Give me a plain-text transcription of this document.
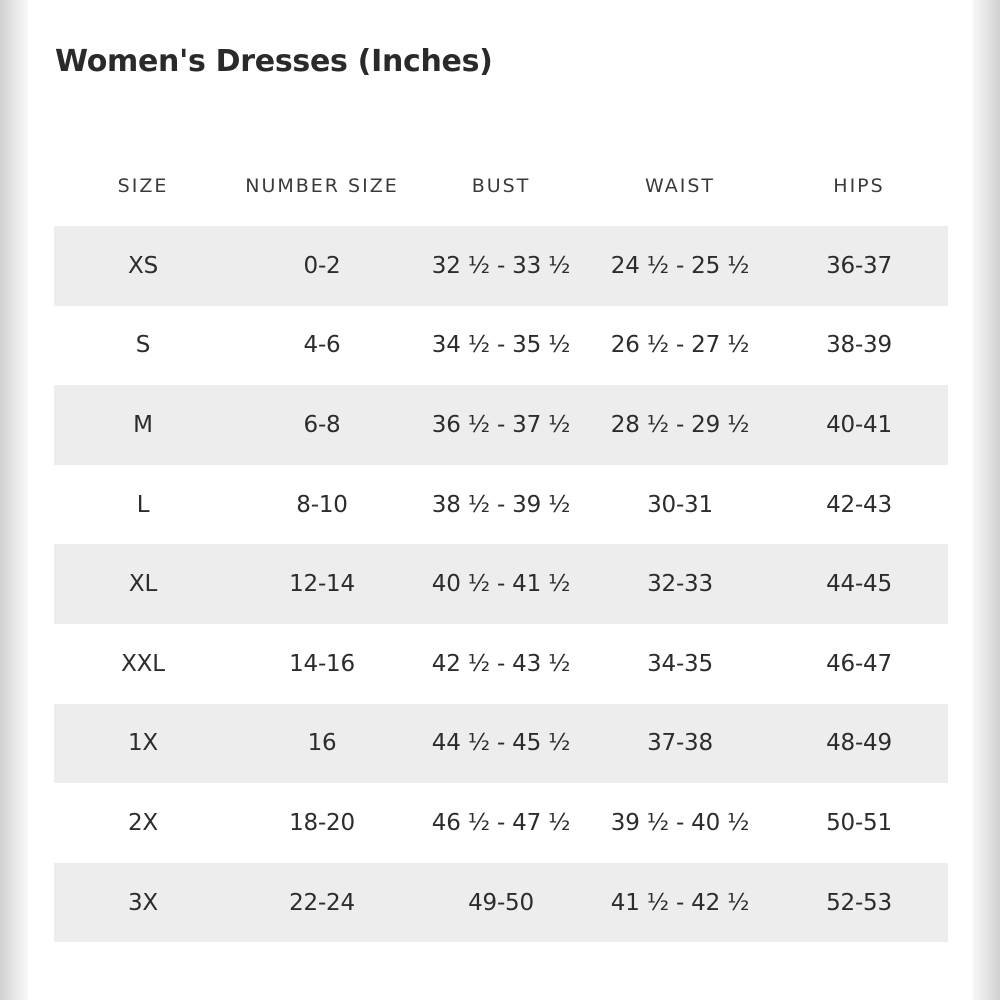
Women's Dresses (Inches)
SIZE	NUMBER SIZE	BUST	WAIST	HIPS
XS	0-2	32 ½ - 33 ½	24 ½ - 25 ½	36-37
S	4-6	34 ½ - 35 ½	26 ½ - 27 ½	38-39
M	6-8	36 ½ - 37 ½	28 ½ - 29 ½	40-41
L	8-10	38 ½ - 39 ½	30-31	42-43
XL	12-14	40 ½ - 41 ½	32-33	44-45
XXL	14-16	42 ½ - 43 ½	34-35	46-47
1X	16	44 ½ - 45 ½	37-38	48-49
2X	18-20	46 ½ - 47 ½	39 ½ - 40 ½	50-51
3X	22-24	49-50	41 ½ - 42 ½	52-53
